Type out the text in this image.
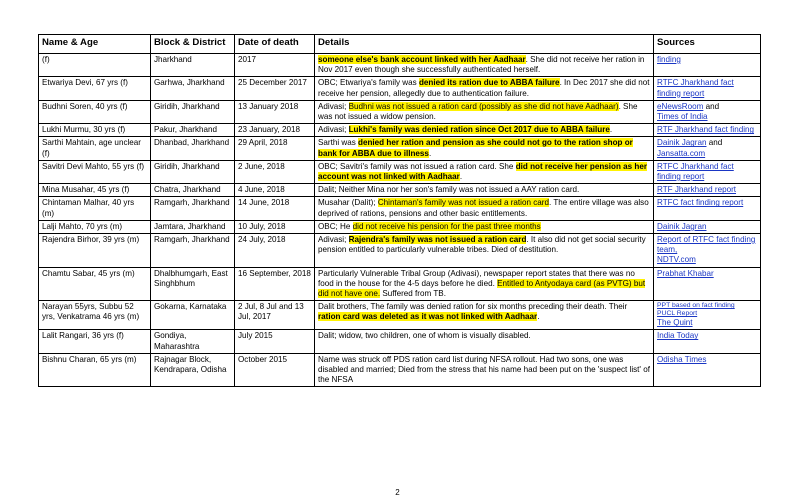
Name & Age	Block & District	Date of death	Details	Sources
(f)	Jharkhand	2017	someone else's bank account linked with her Aadhaar. She did not receive her ration in Nov 2017 even though she successfully authenticated herself.	finding

Etwariya Devi, 67 yrs (f)	Garhwa, Jharkhand	25 December 2017	OBC; Etwariya's family was denied its ration due to ABBA failure. In Dec 2017 she did not receive her pension, allegedly due to authentication failure.	RTFC Jharkhand fact finding report

Budhni Soren, 40 yrs (f)	Giridih, Jharkhand	13 January 2018	Adivasi; Budhni was not issued a ration card (possibly as she did not have Aadhaar). She was not issued a widow pension.	eNewsRoom and
Times of India

Lukhi Murmu, 30 yrs (f)	Pakur, Jharkhand	23 January, 2018	Adivasi; Lukhi's family was denied ration since Oct 2017 due to ABBA failure.	RTF Jharkhand fact finding

Sarthi Mahtain, age unclear (f)	Dhanbad, Jharkhand	29 April, 2018	Sarthi was denied her ration and pension as she could not go to the ration shop or bank for ABBA due to illness.	Dainik Jagran and
Jansatta.com

Savitri Devi Mahto, 55 yrs (f)	Giridih, Jharkhand	2 June, 2018	OBC; Savitri's family was not issued a ration card. She did not receive her pension as her account was not linked with Aadhaar.	RTFC Jharkhand fact finding report

Mina Musahar, 45 yrs (f)	Chatra, Jharkhand	4 June, 2018	Dalit; Neither Mina nor her son's family was not issued a AAY ration card.	RTF Jharkhand report

Chintaman Malhar, 40 yrs (m)	Ramgarh, Jharkhand	14 June, 2018	Musahar (Dalit); Chintaman's family was not issued a ration card. The entire village was also deprived of rations, pensions and other basic entitlements.	RTFC fact finding report

Lalji Mahto, 70 yrs (m)	Jamtara, Jharkhand	10 July, 2018	OBC; He did not receive his pension for the past three months	Dainik Jagran

Rajendra Birhor, 39 yrs (m)	Ramgarh, Jharkhand	24 July, 2018	Adivasi; Rajendra's family was not issued a ration card. It also did not get social security pension entitled to particularly vulnerable tribes. Died of destitution.	Report of RTFC fact finding team,
NDTV.com

Chamtu Sabar, 45 yrs (m)	Dhalbhumgarh, East Singhbhum	16 September, 2018	Particularly Vulnerable Tribal Group (Adivasi), newspaper report states that there was no food in the house for the 4-5 days before he died. Entitled to Antyodaya card (as PVTG) but did not have one. Suffered from TB.	Prabhat Khabar

Narayan 55yrs, Subbu 52 yrs, Venkatrama 46 yrs (m)	Gokarna, Karnataka	2 Jul, 8 Jul and 13 Jul, 2017	Dalit brothers, The family was denied ration for six months preceding their death. Their ration card was deleted as it was not linked with Aadhaar.	PPT based on fact finding
PUCL Report
The Quint

Lalit Rangari, 36 yrs (f)	Gondiya, Maharashtra	July 2015	Dalit; widow, two children, one of whom is visually disabled.	India Today

Bishnu Charan, 65 yrs (m)	Rajnagar Block, Kendrapara, Odisha	October 2015	Name was struck off PDS ration card list during NFSA rollout. Had two sons, one was disabled and married; Died from the stress that his name had been put on the 'suspect list' of the NFSA	Odisha Times
2
